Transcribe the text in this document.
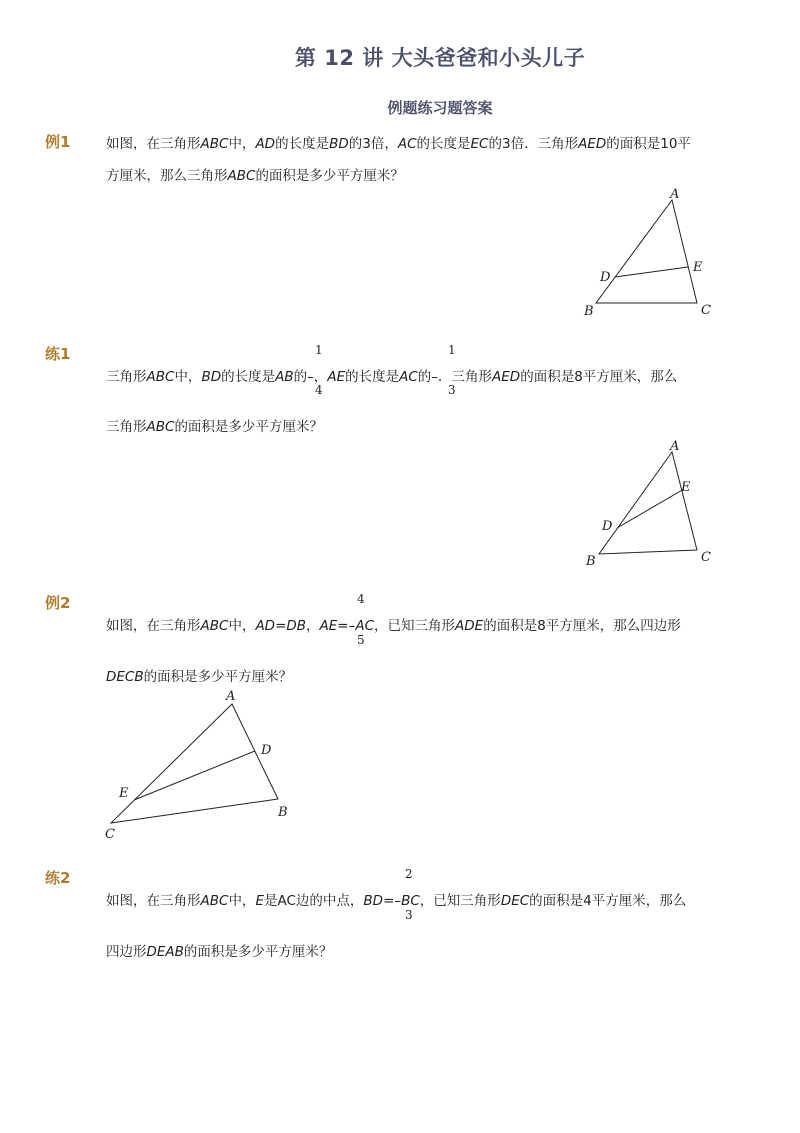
第 12 讲 大头爸爸和小头儿子
例题练习题答案
例1	如图，在三角形ABC中，AD的长度是BD的3倍，AC的长度是EC的3倍．三角形AED的面积是10平
方厘米，那么三角形ABC的面积是多少平方厘米？
A
B	C
D
E
练1	1
4
1
3
三角形ABC中，BD的长度是AB的–，AE的长度是AC的–．三角形AED的面积是8平方厘米，那么
三角形ABC的面积是多少平方厘米？
A
B	C
D
E
例2	4
5
如图，在三角形ABC中，AD=DB，AE=–AC，已知三角形ADE的面积是8平方厘米，那么四边形
DECB的面积是多少平方厘米？
A
B
C
D
E
练2	2
3
如图，在三角形ABC中，E是AC边的中点，BD=–BC，已知三角形DEC的面积是4平方厘米，那么
四边形DEAB的面积是多少平方厘米？
